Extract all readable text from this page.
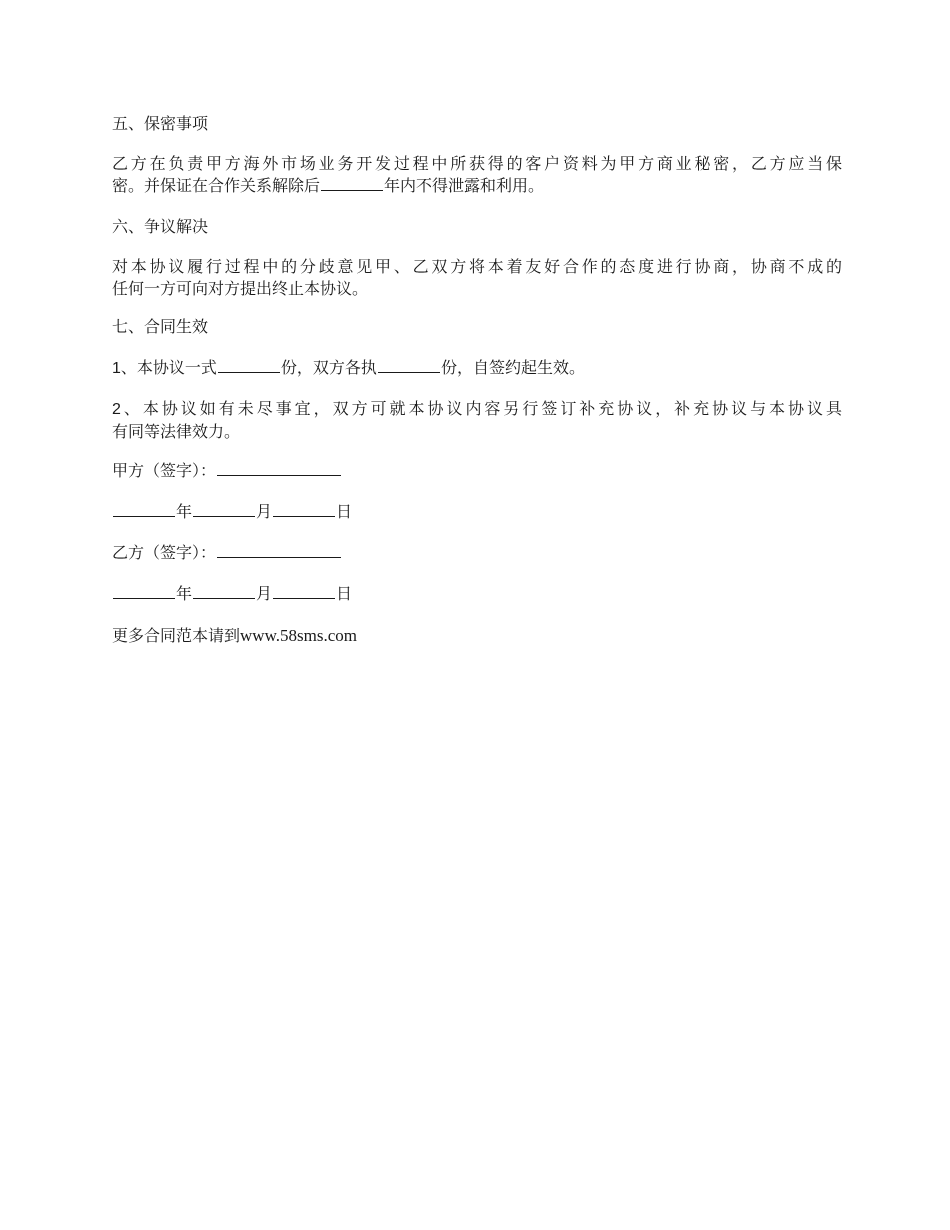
五、保密事项
乙方在负责甲方海外市场业务开发过程中所获得的客户资料为甲方商业秘密，乙方应当保
密。并保证在合作关系解除后	年内不得泄露和利用。
六、争议解决
对本协议履行过程中的分歧意见甲、乙双方将本着友好合作的态度进行协商，协商不成的
任何一方可向对方提出终止本协议。
七、合同生效
1、本协议一式	份，双方各执	份，自签约起生效。
2、本协议如有未尽事宜，双方可就本协议内容另行签订补充协议，补充协议与本协议具
有同等法律效力。
甲方（签字）：
年	月	日
乙方（签字）：
年	月	日
更多合同范本请到www.58sms.com
